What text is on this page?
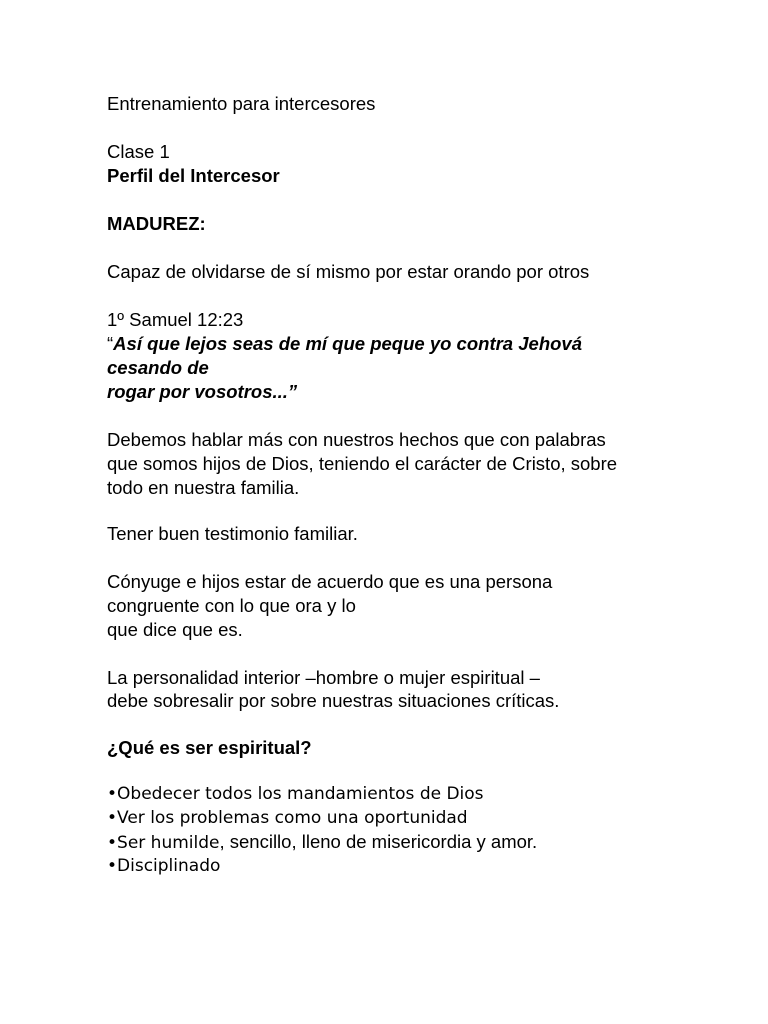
Entrenamiento para intercesores
Clase 1
Perfil del Intercesor
MADUREZ:
Capaz de olvidarse de sí mismo por estar orando por otros
1º Samuel 12:23
“Así que lejos seas de mí que peque yo contra Jehová
cesando de
rogar por vosotros...”
Debemos hablar más con nuestros hechos que con palabras
que somos hijos de Dios, teniendo el carácter de Cristo, sobre
todo en nuestra familia.
Tener buen testimonio familiar.
Cónyuge e hijos estar de acuerdo que es una persona
congruente con lo que ora y lo
que dice que es.
La personalidad interior –hombre o mujer espiritual –
debe sobresalir por sobre nuestras situaciones críticas.
¿Qué es ser espiritual?
•Obedecer todos los mandamientos de Dios
•Ver los problemas como una oportunidad
•Ser humilde, sencillo, lleno de misericordia y amor.
•Disciplinado
